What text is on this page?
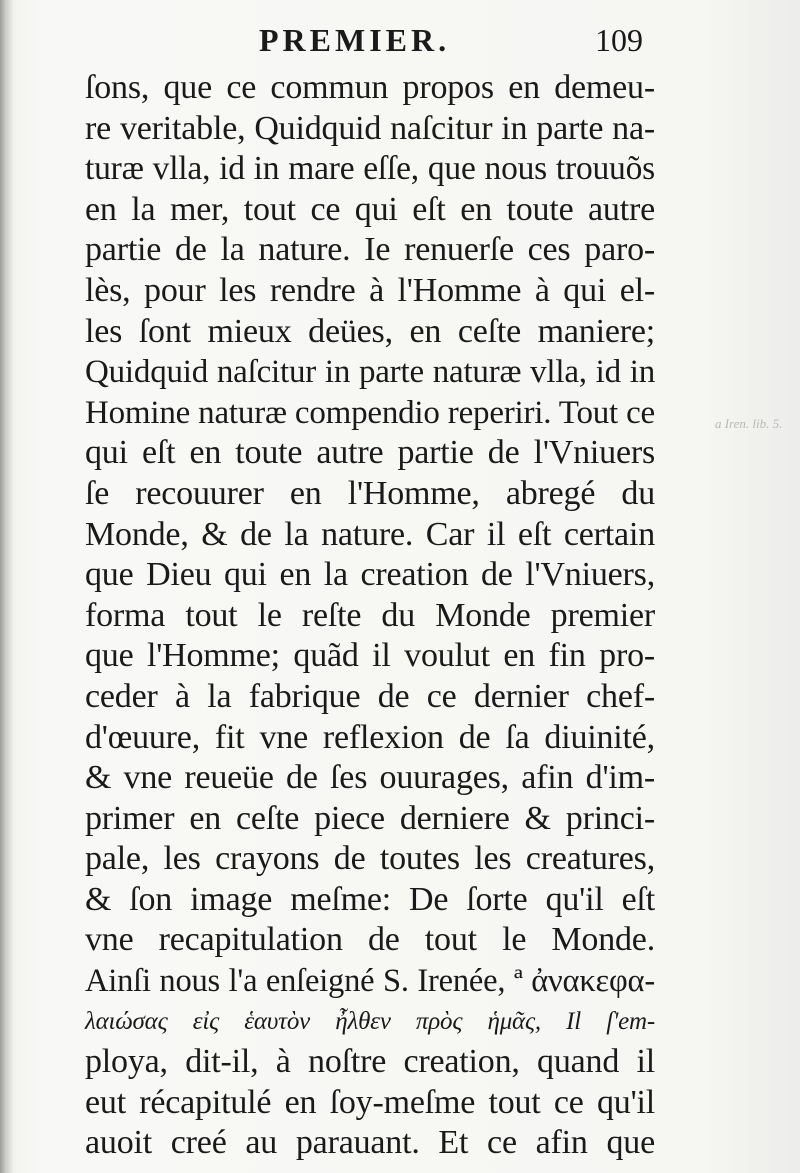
PREMIER.	109
ſons, que ce commun propos en demeu-
re veritable, Quidquid naſcitur in parte na-
turæ vlla, id in mare eſſe, que nous trouuõs
en la mer, tout ce qui eſt en toute autre
partie de la nature. Ie renuerſe ces paro-
lès, pour les rendre à l'Homme à qui el-
les ſont mieux deües, en ceſte maniere;
Quidquid naſcitur in parte naturæ vlla, id in
Homine naturæ compendio reperiri. Tout ce
qui eſt en toute autre partie de l'Vniuers
ſe recouurer en l'Homme, abregé du
Monde, & de la nature. Car il eſt certain
que Dieu qui en la creation de l'Vniuers,
forma tout le reſte du Monde premier
que l'Homme; quãd il voulut en fin pro-
ceder à la fabrique de ce dernier chef-
d'œuure, fit vne reflexion de ſa diuinité,
& vne reueüe de ſes ouurages, afin d'im-
primer en ceſte piece derniere & princi-
pale, les crayons de toutes les creatures,
& ſon image meſme: De ſorte qu'il eſt
vne recapitulation de tout le Monde.
Ainſi nous l'a enſeigné S. Irenée, ª ἀνακεφα-
λαιώσας εἰς ἑαυτὸν ἦλθεν πρὸς ἡμᾶς, Il ſ'em-
ploya, dit-il, à noſtre creation, quand il
eut récapitulé en ſoy-meſme tout ce qu'il
auoit creé au parauant. Et ce afin que
a Iren. lib. 5.
